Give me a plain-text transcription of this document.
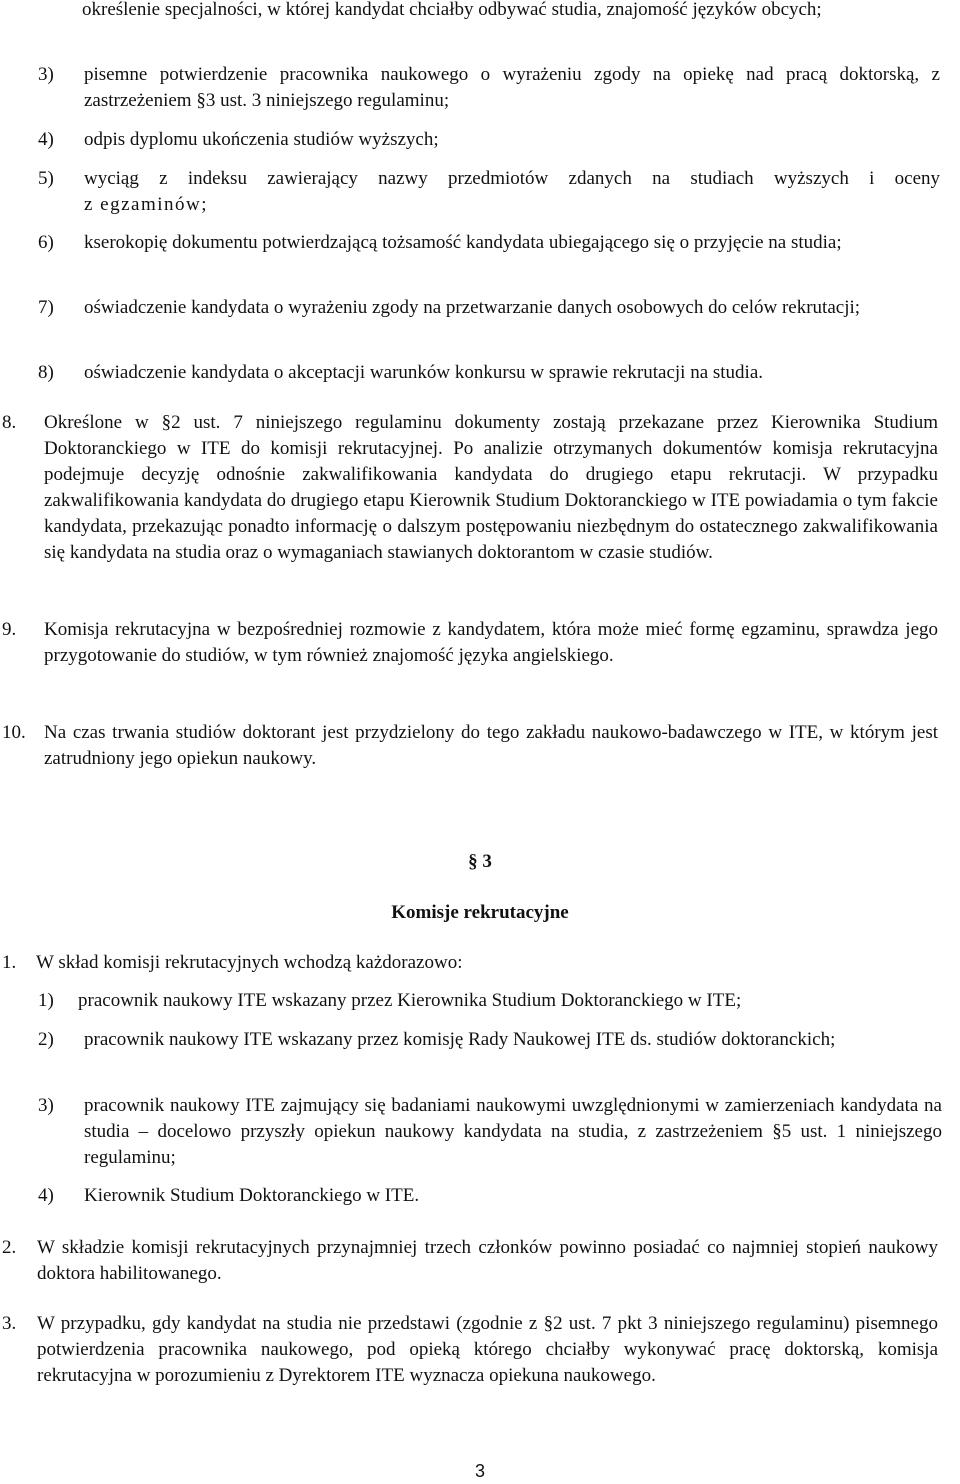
określenie specjalności, w której kandydat chciałby odbywać studia, znajomość języków obcych;
3)	pisemne potwierdzenie pracownika naukowego o wyrażeniu zgody na opiekę nad pracą doktorską, z zastrzeżeniem §3 ust. 3 niniejszego regulaminu;
4)	odpis dyplomu ukończenia studiów wyższych;
5)	wyciąg z indeksu zawierający nazwy przedmiotów zdanych na studiach wyższych i oceny
z egzaminów;
6)	kserokopię dokumentu potwierdzającą tożsamość kandydata ubiegającego się o przyjęcie na studia;
7)	oświadczenie kandydata o wyrażeniu zgody na przetwarzanie danych osobowych do celów rekrutacji;
8)	oświadczenie kandydata o akceptacji warunków konkursu w sprawie rekrutacji na studia.
8.	Określone w §2 ust. 7 niniejszego regulaminu dokumenty zostają przekazane przez Kierownika Studium Doktoranckiego w ITE do komisji rekrutacyjnej. Po analizie otrzymanych dokumentów komisja rekrutacyjna podejmuje decyzję odnośnie zakwalifikowania kandydata do drugiego etapu rekrutacji. W przypadku zakwalifikowania kandydata do drugiego etapu Kierownik Studium Doktoranckiego w ITE powiadamia o tym fakcie kandydata, przekazując ponadto informację o dalszym postępowaniu niezbędnym do ostatecznego zakwalifikowania się kandydata na studia oraz o wymaganiach stawianych doktorantom w czasie studiów.
9.	Komisja rekrutacyjna w bezpośredniej rozmowie z kandydatem, która może mieć formę egzaminu, sprawdza jego przygotowanie do studiów, w tym również znajomość języka angielskiego.
10. Na czas trwania studiów doktorant jest przydzielony do tego zakładu naukowo-badawczego w ITE, w którym jest zatrudniony jego opiekun naukowy.
§ 3
Komisje rekrutacyjne
1.	W skład komisji rekrutacyjnych wchodzą każdorazowo:
1)	pracownik naukowy ITE wskazany przez Kierownika Studium Doktoranckiego w ITE;
2)	pracownik naukowy ITE wskazany przez komisję Rady Naukowej ITE ds. studiów doktoranckich;
3)	pracownik naukowy ITE zajmujący się badaniami naukowymi uwzględnionymi w zamierzeniach kandydata na studia – docelowo przyszły opiekun naukowy kandydata na studia, z zastrzeżeniem §5 ust. 1 niniejszego regulaminu;
4)	Kierownik Studium Doktoranckiego w ITE.
2.	W składzie komisji rekrutacyjnych przynajmniej trzech członków powinno posiadać co najmniej stopień naukowy doktora habilitowanego.
3.	W przypadku, gdy kandydat na studia nie przedstawi (zgodnie z §2 ust. 7 pkt 3 niniejszego regulaminu) pisemnego potwierdzenia pracownika naukowego, pod opieką którego chciałby wykonywać pracę doktorską, komisja rekrutacyjna w porozumieniu z Dyrektorem ITE wyznacza opiekuna naukowego.
3
